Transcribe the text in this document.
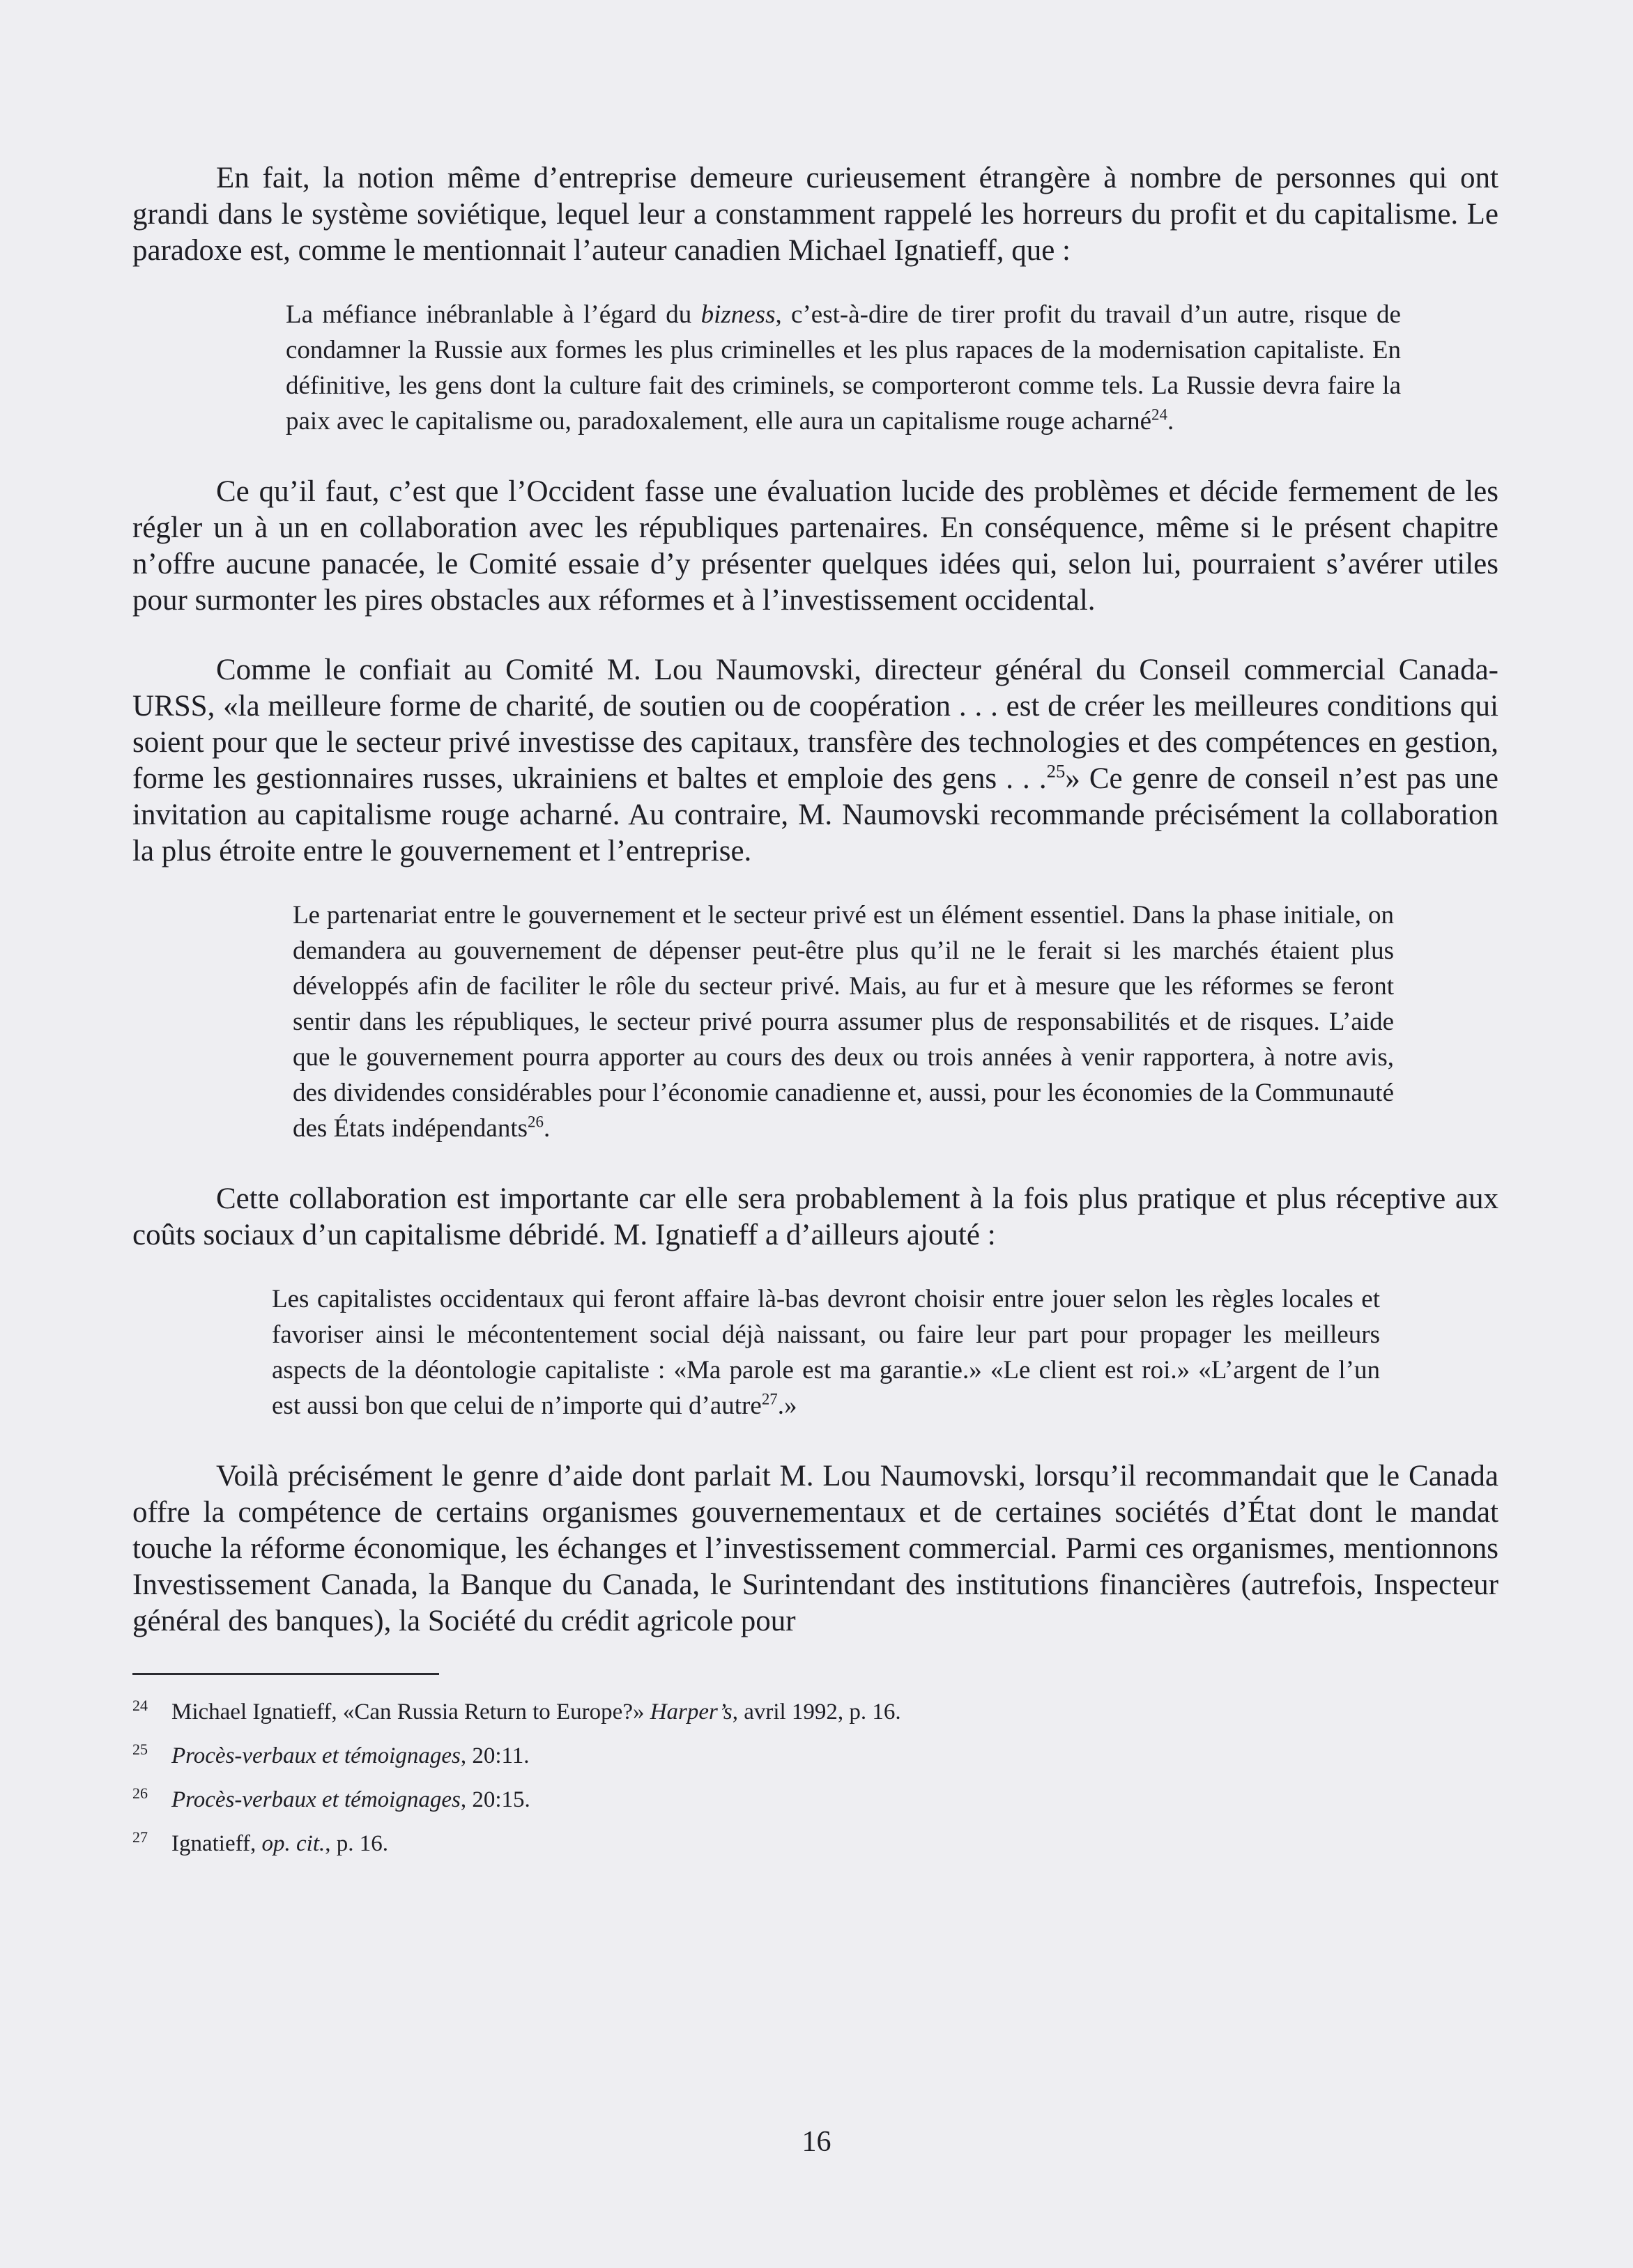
En fait, la notion même d’entreprise demeure curieusement étrangère à nombre de personnes qui ont grandi dans le système soviétique, lequel leur a constamment rappelé les horreurs du profit et du capitalisme. Le paradoxe est, comme le mentionnait l’auteur canadien Michael Ignatieff, que :

La méfiance inébranlable à l’égard du bizness, c’est-à-dire de tirer profit du travail d’un autre, risque de condamner la Russie aux formes les plus criminelles et les plus rapaces de la modernisation capitaliste. En définitive, les gens dont la culture fait des criminels, se comporteront comme tels. La Russie devra faire la paix avec le capitalisme ou, paradoxalement, elle aura un capitalisme rouge acharné$^{24}$.

Ce qu’il faut, c’est que l’Occident fasse une évaluation lucide des problèmes et décide fermement de les régler un à un en collaboration avec les républiques partenaires. En conséquence, même si le présent chapitre n’offre aucune panacée, le Comité essaie d’y présenter quelques idées qui, selon lui, pourraient s’avérer utiles pour surmonter les pires obstacles aux réformes et à l’investissement occidental.

Comme le confiait au Comité M. Lou Naumovski, directeur général du Conseil commercial Canada-URSS, «la meilleure forme de charité, de soutien ou de coopération . . . est de créer les meilleures conditions qui soient pour que le secteur privé investisse des capitaux, transfère des technologies et des compétences en gestion, forme les gestionnaires russes, ukrainiens et baltes et emploie des gens . . .$^{25}$» Ce genre de conseil n’est pas une invitation au capitalisme rouge acharné. Au contraire, M. Naumovski recommande précisément la collaboration la plus étroite entre le gouvernement et l’entreprise.

Le partenariat entre le gouvernement et le secteur privé est un élément essentiel. Dans la phase initiale, on demandera au gouvernement de dépenser peut-être plus qu’il ne le ferait si les marchés étaient plus développés afin de faciliter le rôle du secteur privé. Mais, au fur et à mesure que les réformes se feront sentir dans les républiques, le secteur privé pourra assumer plus de responsabilités et de risques. L’aide que le gouvernement pourra apporter au cours des deux ou trois années à venir rapportera, à notre avis, des dividendes considérables pour l’économie canadienne et, aussi, pour les économies de la Communauté des États indépendants$^{26}$.

Cette collaboration est importante car elle sera probablement à la fois plus pratique et plus réceptive aux coûts sociaux d’un capitalisme débridé. M. Ignatieff a d’ailleurs ajouté :

Les capitalistes occidentaux qui feront affaire là-bas devront choisir entre jouer selon les règles locales et favoriser ainsi le mécontentement social déjà naissant, ou faire leur part pour propager les meilleurs aspects de la déontologie capitaliste : «Ma parole est ma garantie.» «Le client est roi.» «L’argent de l’un est aussi bon que celui de n’importe qui d’autre$^{27}$.»

Voilà précisément le genre d’aide dont parlait M. Lou Naumovski, lorsqu’il recommandait que le Canada offre la compétence de certains organismes gouvernementaux et de certaines sociétés d’État dont le mandat touche la réforme économique, les échanges et l’investissement commercial. Parmi ces organismes, mentionnons Investissement Canada, la Banque du Canada, le Surintendant des institutions financières (autrefois, Inspecteur général des banques), la Société du crédit agricole pour

24	Michael Ignatieff, «Can Russia Return to Europe?» Harper’s, avril 1992, p. 16.
25	Procès-verbaux et témoignages, 20:11.
26	Procès-verbaux et témoignages, 20:15.
27	Ignatieff, op. cit., p. 16.
16
